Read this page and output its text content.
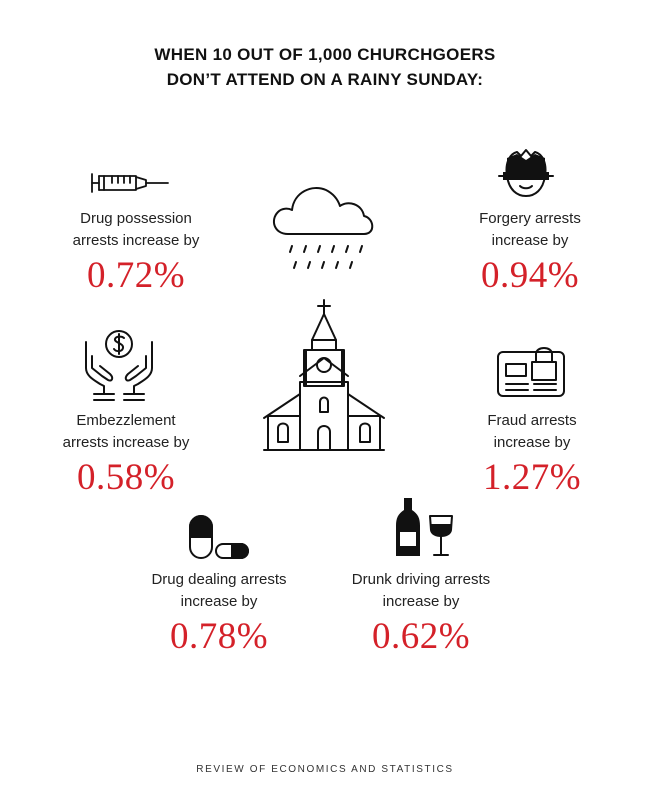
WHEN 10 OUT OF 1,000 CHURCHGOERS
DON’T ATTEND ON A RAINY SUNDAY:
Drug possession
arrests increase by
0.72%
Forgery arrests
increase by
0.94%
Embezzlement
arrests increase by
0.58%
Fraud arrests
increase by
1.27%
Drug dealing arrests
increase by
0.78%
Drunk driving arrests
increase by
0.62%
REVIEW OF ECONOMICS AND STATISTICS
